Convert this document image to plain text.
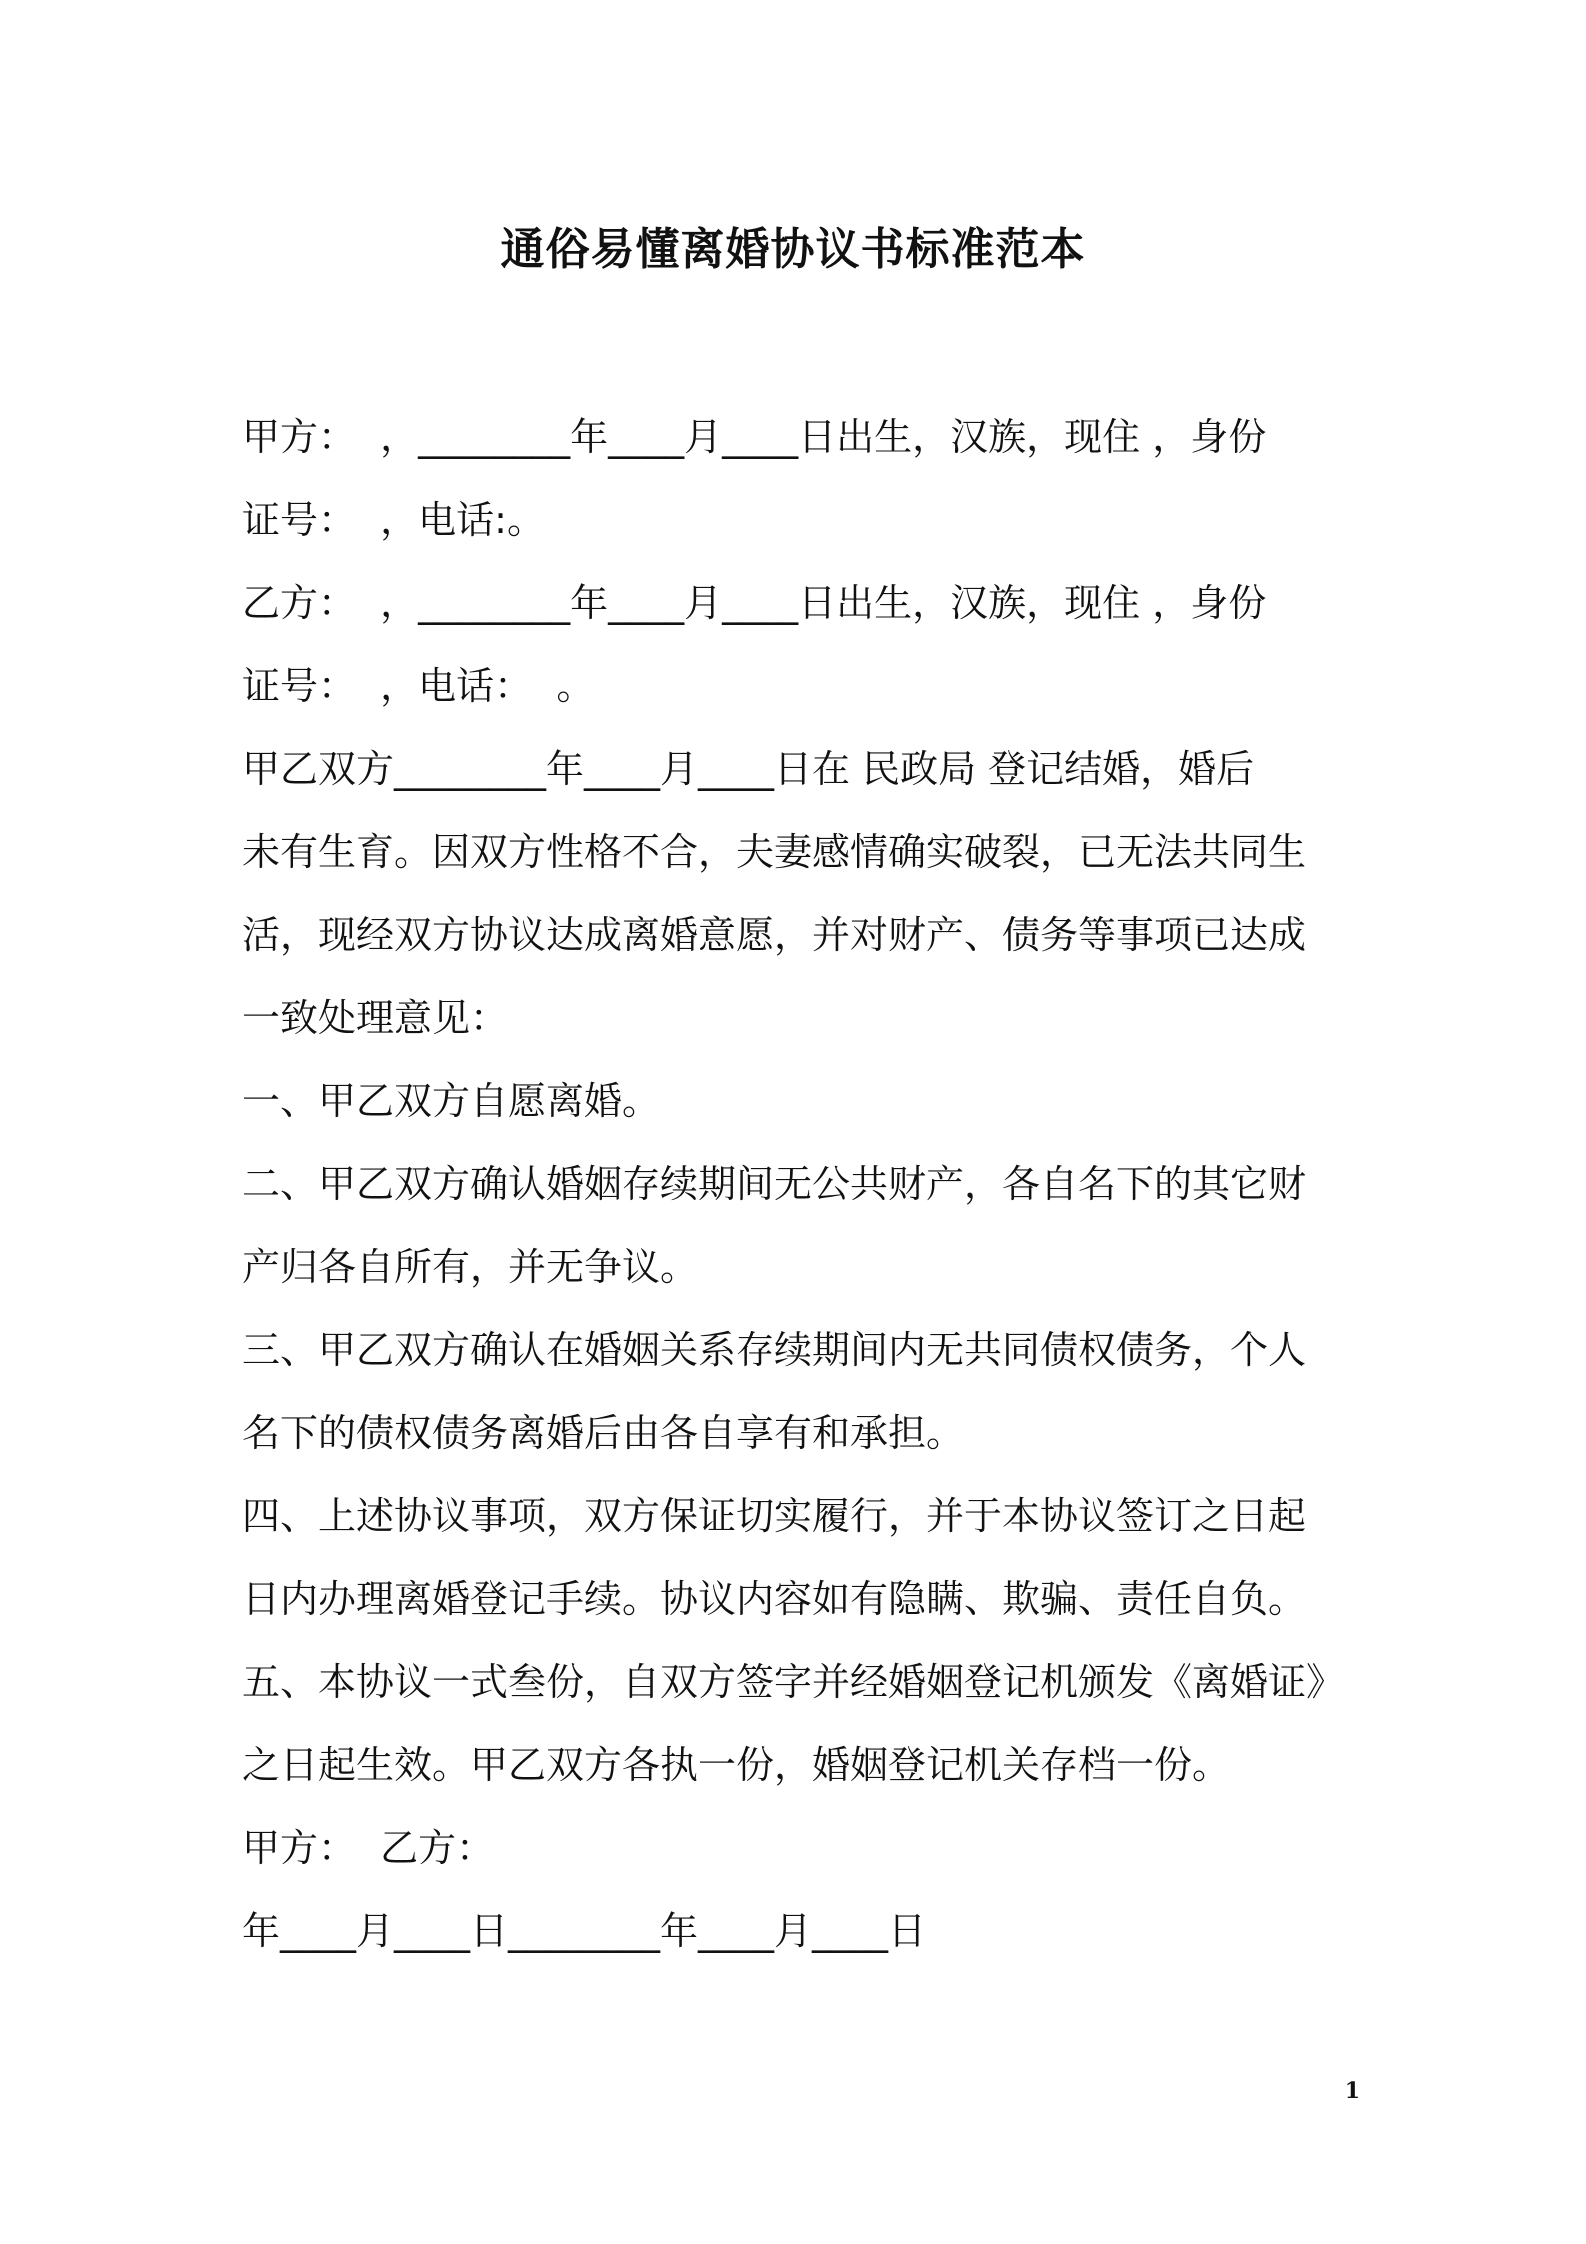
通俗易懂离婚协议书标准范本
甲方：  ，________年____月____日出生，汉族，现住 ，身份
证号：  ，电话:。
乙方：  ，________年____月____日出生，汉族，现住 ，身份
证号：  ，电话：  。
甲乙双方________年____月____日在 民政局 登记结婚，婚后
未有生育。因双方性格不合，夫妻感情确实破裂，已无法共同生
活，现经双方协议达成离婚意愿，并对财产、债务等事项已达成
一致处理意见：
一、甲乙双方自愿离婚。
二、甲乙双方确认婚姻存续期间无公共财产，各自名下的其它财
产归各自所有，并无争议。
三、甲乙双方确认在婚姻关系存续期间内无共同债权债务，个人
名下的债权债务离婚后由各自享有和承担。
四、上述协议事项，双方保证切实履行，并于本协议签订之日起
日内办理离婚登记手续。协议内容如有隐瞒、欺骗、责任自负。
五、本协议一式叁份，自双方签字并经婚姻登记机颁发《离婚证》
之日起生效。甲乙双方各执一份，婚姻登记机关存档一份。
甲方：  乙方：
年____月____日________年____月____日
1
